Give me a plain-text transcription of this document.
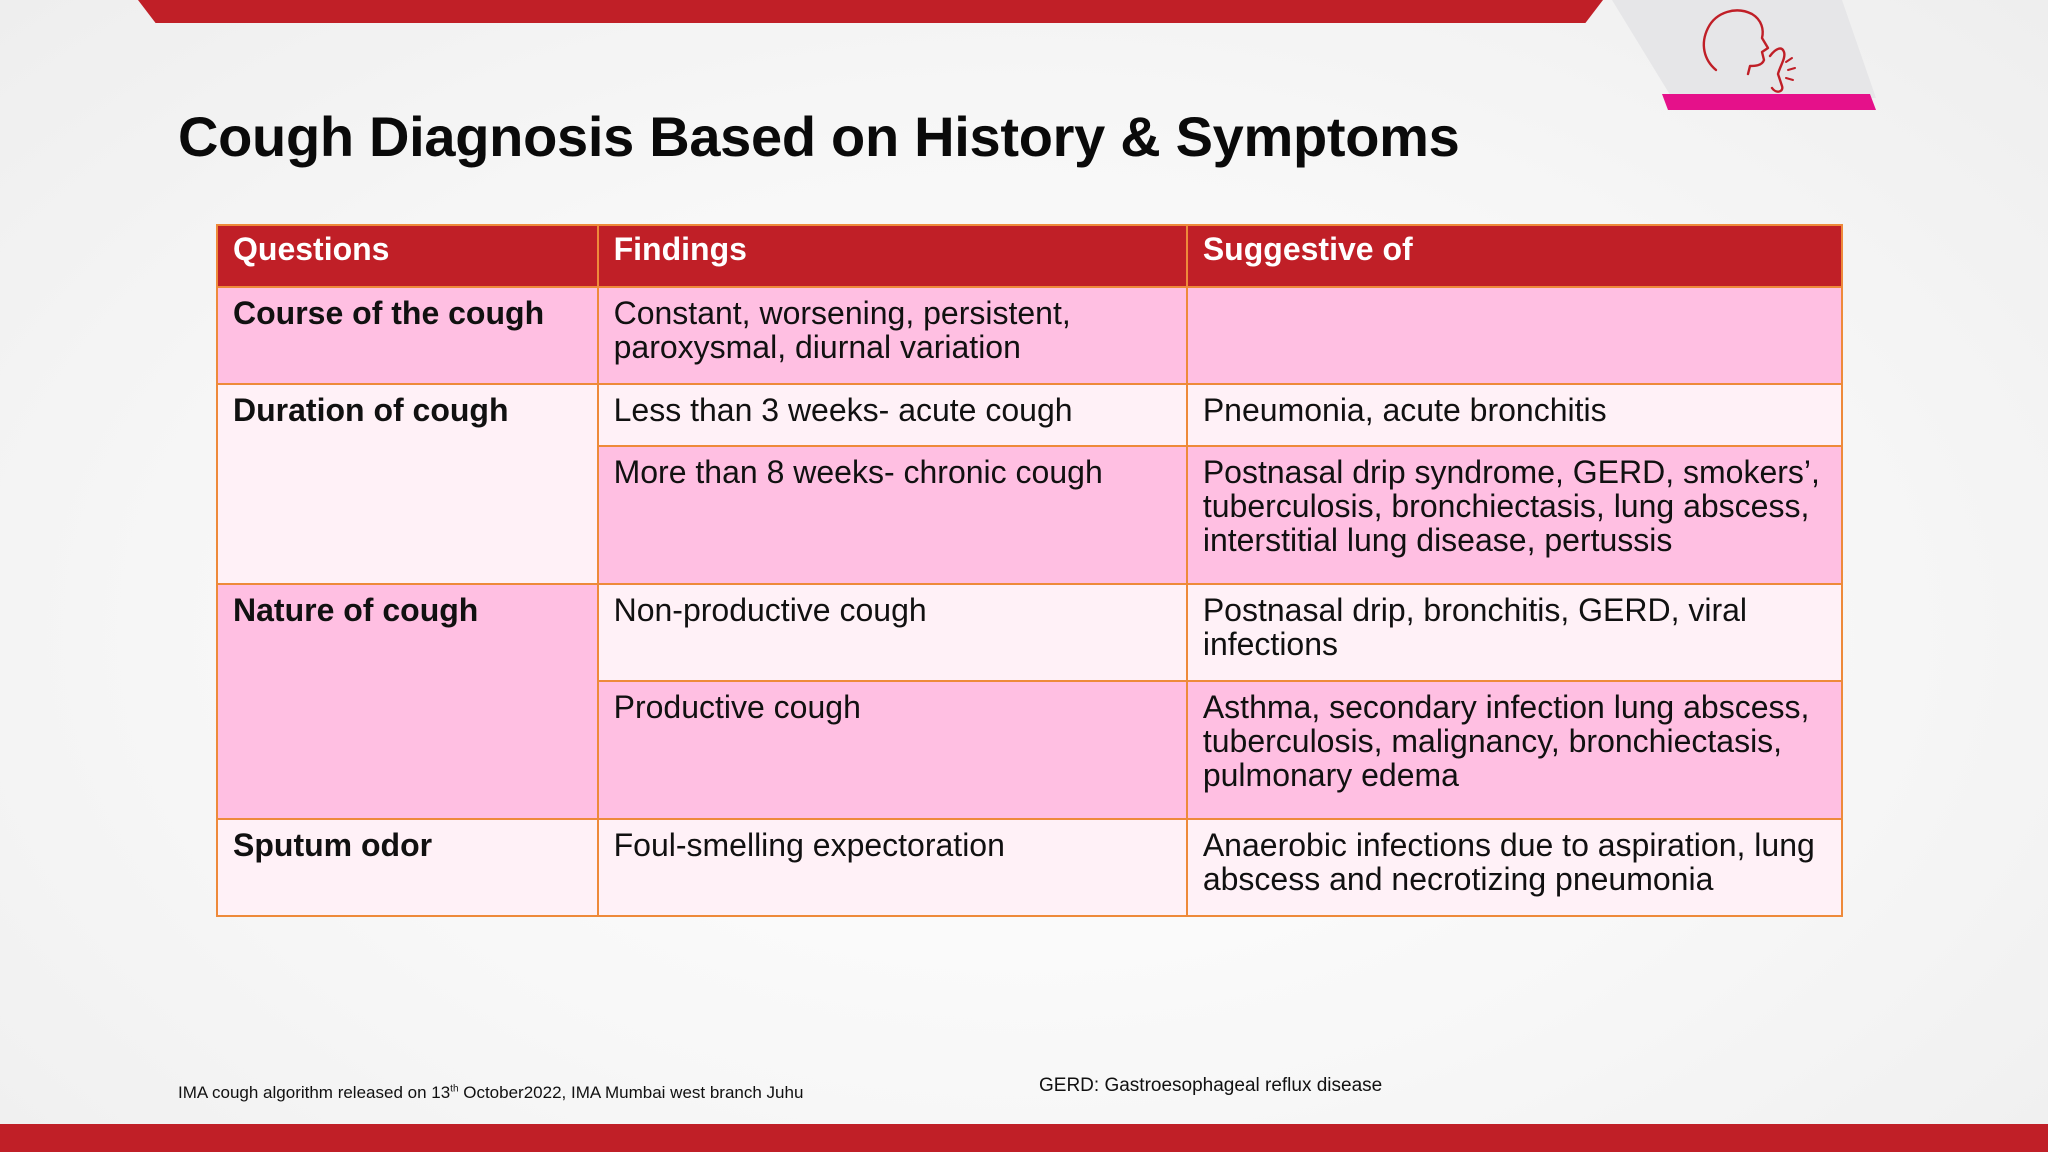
Cough Diagnosis Based on History & Symptoms
Questions	Findings	Suggestive of
Course of the cough	Constant, worsening, persistent, paroxysmal, diurnal variation	
Duration of cough	Less than 3 weeks- acute cough	Pneumonia, acute bronchitis
	More than 8 weeks- chronic cough	Postnasal drip syndrome, GERD, smokers’, tuberculosis, bronchiectasis, lung abscess, interstitial lung disease, pertussis
Nature of cough	Non-productive cough	Postnasal drip, bronchitis, GERD, viral infections
	Productive cough	Asthma, secondary infection lung abscess, tuberculosis, malignancy, bronchiectasis, pulmonary edema
Sputum odor	Foul-smelling expectoration	Anaerobic infections due to aspiration, lung abscess and necrotizing pneumonia
IMA cough algorithm released on 13th October2022, IMA Mumbai west branch Juhu	GERD: Gastroesophageal reflux disease
